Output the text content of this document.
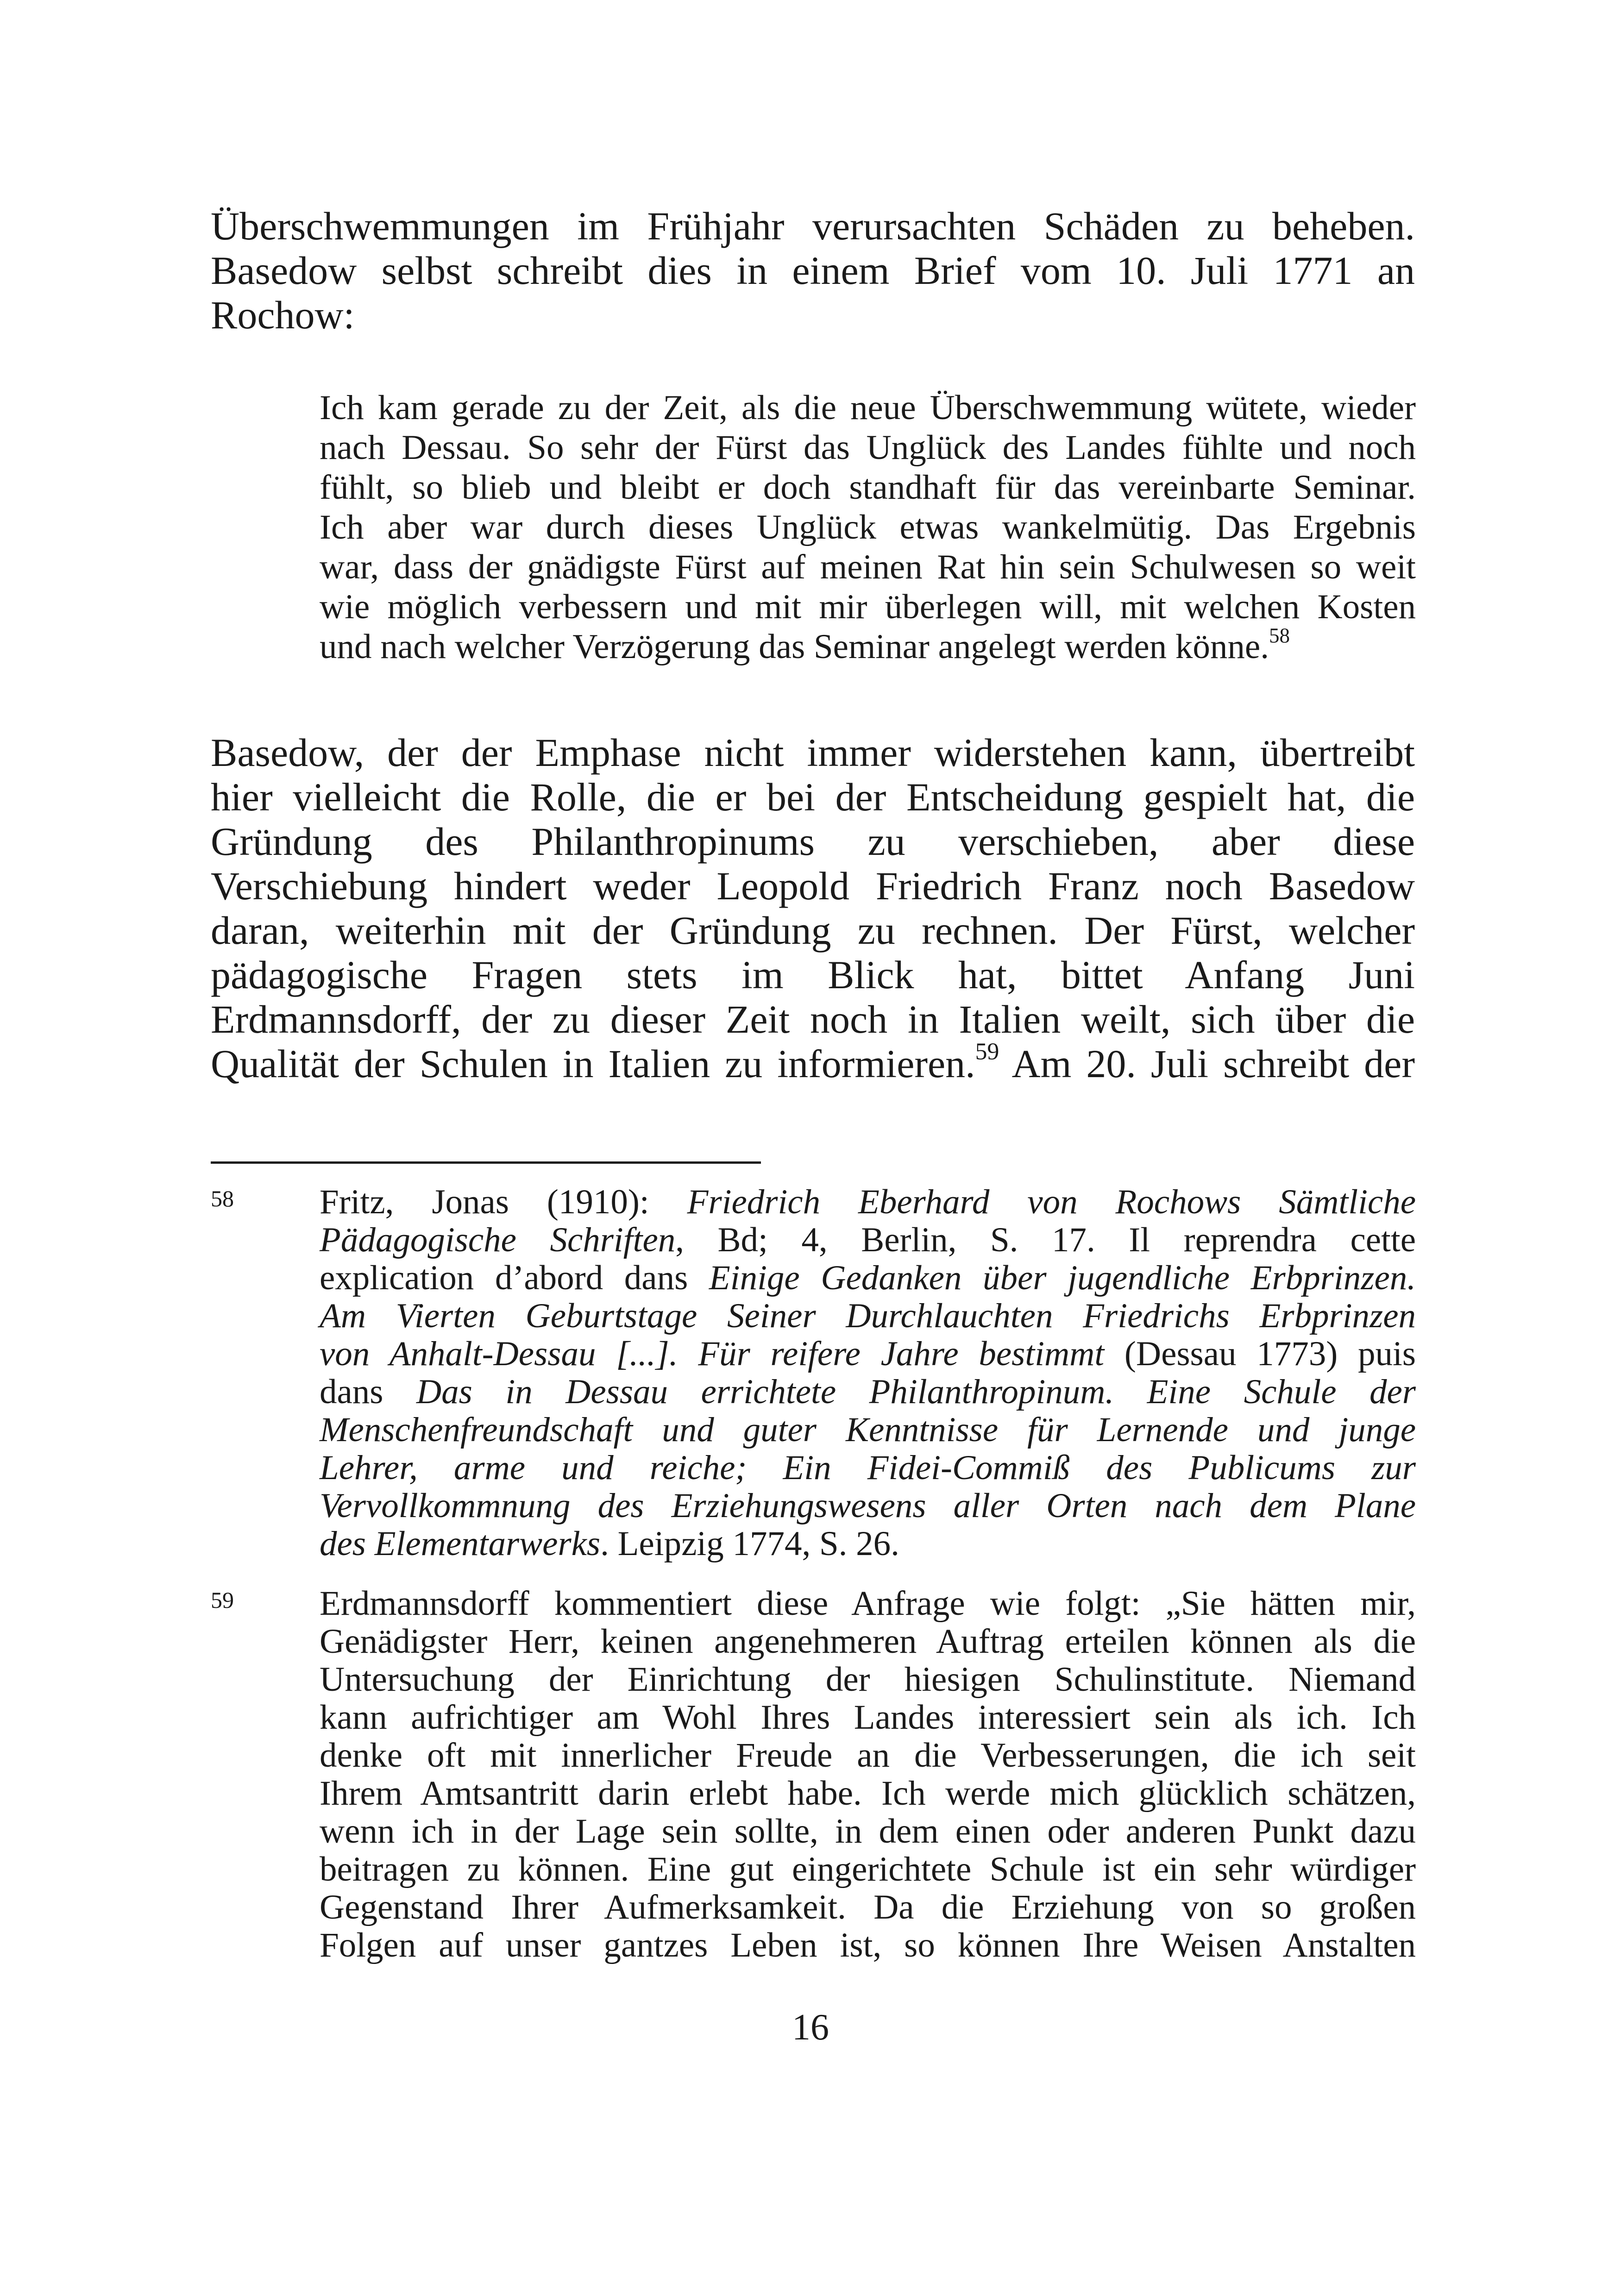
Überschwemmungen im Frühjahr verursachten Schäden zu beheben.
Basedow selbst schreibt dies in einem Brief vom 10. Juli 1771 an
Rochow:
Ich kam gerade zu der Zeit, als die neue Überschwemmung wütete, wieder
nach Dessau. So sehr der Fürst das Unglück des Landes fühlte und noch
fühlt, so blieb und bleibt er doch standhaft für das vereinbarte Seminar.
Ich aber war durch dieses Unglück etwas wankelmütig. Das Ergebnis
war, dass der gnädigste Fürst auf meinen Rat hin sein Schulwesen so weit
wie möglich verbessern und mit mir überlegen will, mit welchen Kosten
und nach welcher Verzögerung das Seminar angelegt werden könne.$^{58}$
Basedow, der der Emphase nicht immer widerstehen kann, übertreibt
hier vielleicht die Rolle, die er bei der Entscheidung gespielt hat, die
Gründung des Philanthropinums zu verschieben, aber diese
Verschiebung hindert weder Leopold Friedrich Franz noch Basedow
daran, weiterhin mit der Gründung zu rechnen. Der Fürst, welcher
pädagogische Fragen stets im Blick hat, bittet Anfang Juni
Erdmannsdorff, der zu dieser Zeit noch in Italien weilt, sich über die
Qualität der Schulen in Italien zu informieren.$^{59}$ Am 20. Juli schreibt der
58 Fritz, Jonas (1910): Friedrich Eberhard von Rochows Sämtliche
Pädagogische Schriften, Bd; 4, Berlin, S. 17. Il reprendra cette
explication d’abord dans Einige Gedanken über jugendliche Erbprinzen.
Am Vierten Geburtstage Seiner Durchlauchten Friedrichs Erbprinzen
von Anhalt-Dessau [...]. Für reifere Jahre bestimmt (Dessau 1773) puis
dans Das in Dessau errichtete Philanthropinum. Eine Schule der
Menschenfreundschaft und guter Kenntnisse für Lernende und junge
Lehrer, arme und reiche; Ein Fidei-Commiß des Publicums zur
Vervollkommnung des Erziehungswesens aller Orten nach dem Plane
des Elementarwerks. Leipzig 1774, S. 26.
59 Erdmannsdorff kommentiert diese Anfrage wie folgt: „Sie hätten mir,
Genädigster Herr, keinen angenehmeren Auftrag erteilen können als die
Untersuchung der Einrichtung der hiesigen Schulinstitute. Niemand
kann aufrichtiger am Wohl Ihres Landes interessiert sein als ich. Ich
denke oft mit innerlicher Freude an die Verbesserungen, die ich seit
Ihrem Amtsantritt darin erlebt habe. Ich werde mich glücklich schätzen,
wenn ich in der Lage sein sollte, in dem einen oder anderen Punkt dazu
beitragen zu können. Eine gut eingerichtete Schule ist ein sehr würdiger
Gegenstand Ihrer Aufmerksamkeit. Da die Erziehung von so großen
Folgen auf unser gantzes Leben ist, so können Ihre Weisen Anstalten
16
